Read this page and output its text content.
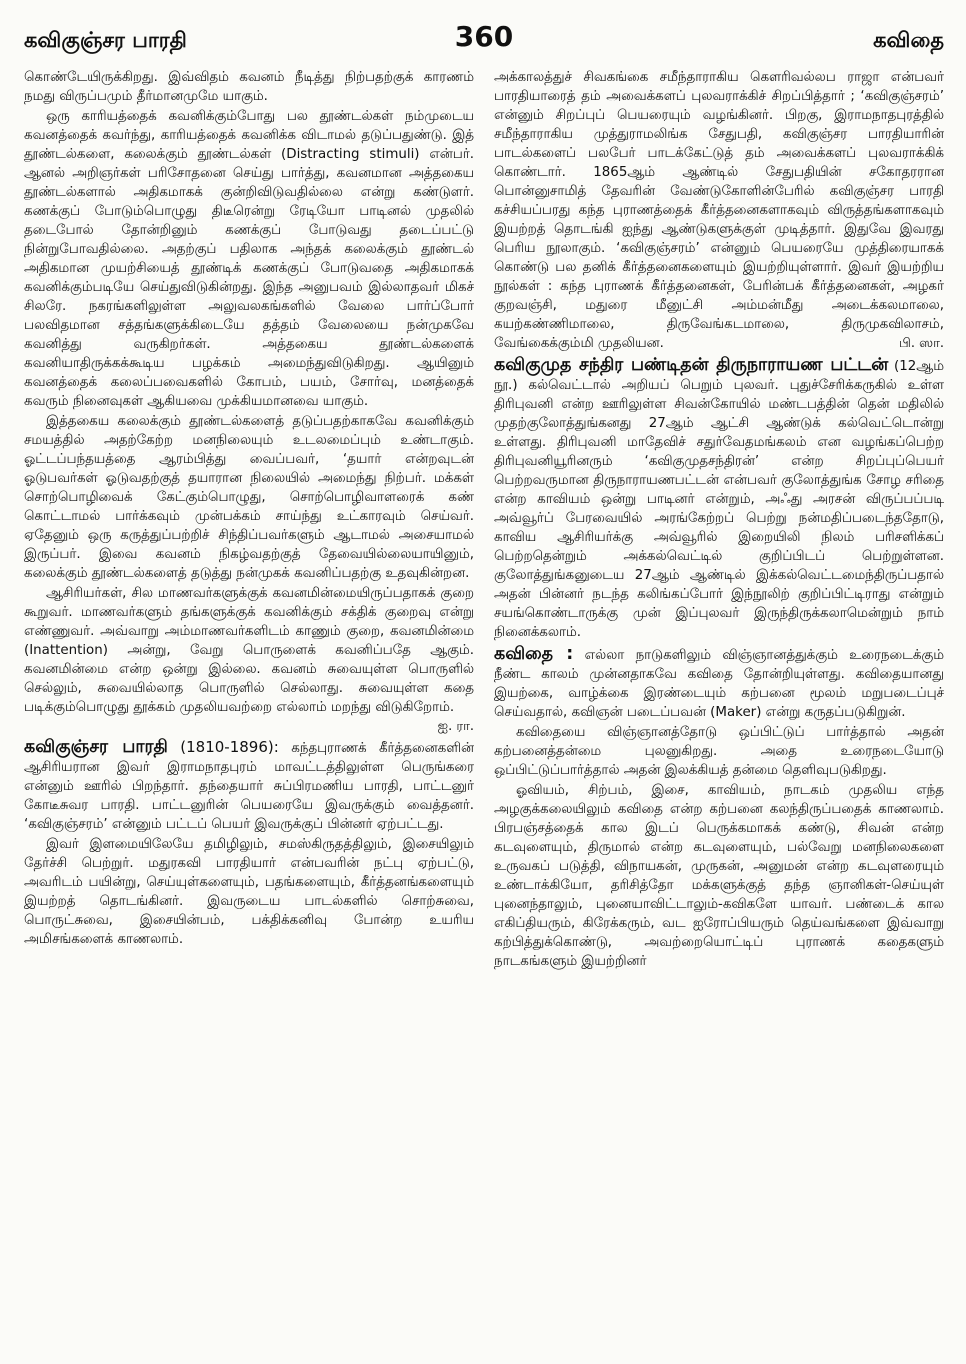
கவிகுஞ்சர பாரதி	360	கவிதை

கொண்டேயிருக்கிறது. இவ்விதம் கவனம் நீடித்து நிற்பதற்குக் காரணம் நமது விருப்பமும் தீர்மானமுமே யாகும்.

ஒரு காரியத்தைக் கவனிக்கும்போது பல தூண்டல்கள் நம்முடைய கவனத்தைக் கவர்ந்து, காரியத்தைக் கவனிக்க விடாமல் தடுப்பதுண்டு. இத் தூண்டல்களை, கலைக்கும் தூண்டல்கள் (Distracting stimuli) என்பர். ஆனல் அறிஞர்கள் பரிசோதனை செய்து பார்த்து, கவனமான அத்தகைய தூண்டல்களால் அதிகமாகக் குன்றிவிடுவதில்லை என்று கண்டுளர். கணக்குப் போடும்பொழுது திடீரென்று ரேடியோ பாடினல் முதலில் தடைபோல் தோன்றினும் கணக்குப் போடுவது தடைப்பட்டு நின்றுபோவதில்லை. அதற்குப் பதிலாக அந்தக் கலைக்கும் தூண்டல் அதிகமான முயற்சியைத் தூண்டிக் கணக்குப் போடுவதை அதிகமாகக் கவனிக்கும்படியே செய்துவிடுகின்றது. இந்த அனுபவம் இல்லாதவர் மிகச் சிலரே. நகரங்களிலுள்ள அலுவலகங்களில் வேலை பார்ப்போர் பலவிதமான சத்தங்களுக்கிடையே தத்தம் வேலையை நன்முகவே கவனித்து வருகிறர்கள். அத்தகைய தூண்டல்களைக் கவனியாதிருக்கக்கூடிய பழக்கம் அமைந்துவிடுகிறது. ஆயினும் கவனத்தைக் கலைப்பவைகளில் கோபம், பயம், சோர்வு, மனத்தைக் கவரும் நினைவுகள் ஆகியவை முக்கியமானவை யாகும்.

இத்தகைய கலைக்கும் தூண்டல்களைத் தடுப்பதற்காகவே கவனிக்கும் சமயத்தில் அதற்கேற்ற மனநிலையும் உடலமைப்பும் உண்டாகும். ஓட்டப்பந்தயத்தை ஆரம்பித்து வைப்பவர், ‘தயார் என்றவுடன் ஓடுபவர்கள் ஓடுவதற்குத் தயாரான நிலையில் அமைந்து நிற்பர். மக்கள் சொற்பொழிவைக் கேட்கும்பொழுது, சொற்பொழிவாளரைக் கண் கொட்டாமல் பார்க்கவும் முன்பக்கம் சாய்ந்து உட்காரவும் செய்வர். ஏதேனும் ஒரு கருத்துப்பற்றிச் சிந்திப்பவர்களும் ஆடாமல் அசையாமல் இருப்பர். இவை கவனம் நிகழ்வதற்குத் தேவையில்லையாயினும், கலைக்கும் தூண்டல்களைத் தடுத்து நன்முகக் கவனிப்பதற்கு உதவுகின்றன.

ஆசிரியர்கள், சில மாணவர்களுக்குக் கவனமின்மையிருப்பதாகக் குறை கூறுவர். மாணவர்களும் தங்களுக்குக் கவனிக்கும் சக்திக் குறைவு என்று எண்ணுவர். அவ்வாறு அம்மாணவர்களிடம் காணும் குறை, கவனமின்மை (Inattention) அன்று, வேறு பொருளைக் கவனிப்பதே ஆகும். கவனமின்மை என்ற ஒன்று இல்லை. கவனம் சுவையுள்ள பொருளில் செல்லும், சுவையில்லாத பொருளில் செல்லாது. சுவையுள்ள கதை படிக்கும்பொழுது தூக்கம் முதலியவற்றை எல்லாம் மறந்து விடுகிறோம்.
ஐ. ரா.

கவிகுஞ்சர பாரதி (1810-1896): கந்தபுராணக் கீர்த்தனைகளின் ஆசிரியரான இவர் இராமநாதபுரம் மாவட்டத்திலுள்ள பெருங்கரை என்னும் ஊரில் பிறந்தார். தந்தையார் சுப்பிரமணிய பாரதி, பாட்டனுர் கோடீசுவர பாரதி. பாட்டனுரின் பெயரையே இவருக்கும் வைத்தனர். ‘கவிகுஞ்சரம்’ என்னும் பட்டப் பெயர் இவருக்குப் பின்னர் ஏற்பட்டது.

இவர் இளமையிலேயே தமிழிலும், சமஸ்கிருதத்திலும், இசையிலும் தேர்ச்சி பெற்றுர். மதுரகவி பாரதியார் என்பவரின் நட்பு ஏற்பட்டு, அவரிடம் பயின்று, செய்யுள்களையும், பதங்களையும், கீர்த்தனங்களையும் இயற்றத் தொடங்கினர். இவருடைய பாடல்களில் சொற்சுவை, பொருட்சுவை, இசையின்பம், பக்திக்கனிவு போன்ற உயரிய அமிசங்களைக் காணலாம்.

அக்காலத்துச் சிவகங்கை சமீந்தாராகிய கௌரிவல்லப ராஜா என்பவர் பாரதியாரைத் தம் அவைக்களப் புலவராக்கிச் சிறப்பித்தார் ; ‘கவிகுஞ்சரம்’ என்னும் சிறப்புப் பெயரையும் வழங்கினர். பிறகு, இராமநாதபுரத்தில் சமீந்தாராகிய முத்துராமலிங்க சேதுபதி, கவிகுஞ்சர பாரதியாரின் பாடல்களைப் பலபேர் பாடக்கேட்டுத் தம் அவைக்களப் புலவராக்கிக் கொண்டார். 1865ஆம் ஆண்டில் சேதுபதியின் சகோதரரான பொன்னுசாமித் தேவரின் வேண்டுகோளின்பேரில் கவிகுஞ்சர பாரதி கச்சியப்பரது கந்த புராணத்தைக் கீர்த்தனைகளாகவும் விருத்தங்களாகவும் இயற்றத் தொடங்கி ஐந்து ஆண்டுகளுக்குள் முடித்தார். இதுவே இவரது பெரிய நூலாகும். ‘கவிகுஞ்சரம்’ என்னும் பெயரையே முத்திரையாகக் கொண்டு பல தனிக் கீர்த்தனைகளையும் இயற்றியுள்ளார். இவர் இயற்றிய நூல்கள் : கந்த புராணக் கீர்த்தனைகள், பேரின்பக் கீர்த்தனைகள், அழகர் குறவஞ்சி, மதுரை மீனுட்சி அம்மன்மீது அடைக்கலமாலை, கயற்கண்ணிமாலை, திருவேங்கடமாலை, திருமுகவிலாசம், வேங்கைக்கும்மி முதலியன.	பி. ஸா.

கவிகுமுத சந்திர பண்டிதன் திருநாராயண பட்டன் (12ஆம் நூ.) கல்வெட்டால் அறியப் பெறும் புலவர். புதுச்சேரிக்கருகில் உள்ள திரிபுவனி என்ற ஊரிலுள்ள சிவன்கோயில் மண்டபத்தின் தென் மதிலில் முதற்குலோத்துங்கனது 27ஆம் ஆட்சி ஆண்டுக் கல்வெட்டொன்று உள்ளது. திரிபுவனி மாதேவிச் சதுர்வேதமங்கலம் என வழங்கப்பெற்ற திரிபுவனியூரினரும் ‘கவிகுமுதசந்திரன்’ என்ற சிறப்புப்பெயர் பெற்றவருமான திருநாராயணபட்டன் என்பவர் குலோத்துங்க சோழ சரிதை என்ற காவியம் ஒன்று பாடினர் என்றும், அஃது அரசன் விருப்பப்படி அவ்வூர்ப் பேரவையில் அரங்கேற்றப் பெற்று நன்மதிப்படைந்ததோடு, காவிய ஆசிரியர்க்கு அவ்வூரில் இறையிலி நிலம் பரிசளிக்கப் பெற்றதென்றும் அக்கல்வெட்டில் குறிப்பிடப் பெற்றுள்ளன. குலோத்துங்கனுடைய 27ஆம் ஆண்டில் இக்கல்வெட்டமைந்திருப்பதால் அதன் பின்னர் நடந்த கலிங்கப்போர் இந்நூலிற் குறிப்பிட்டிராது என்றும் சயங்கொண்டாருக்கு முன் இப்புலவர் இருந்திருக்கலாமென்றும் நாம் நினைக்கலாம்.

கவிதை : எல்லா நாடுகளிலும் விஞ்ஞானத்துக்கும் உரைநடைக்கும் நீண்ட காலம் முன்னதாகவே கவிதை தோன்றியுள்ளது. கவிதையானது இயற்கை, வாழ்க்கை இரண்டையும் கற்பனை மூலம் மறுபடைப்புச் செய்வதால், கவிஞன் படைப்பவன் (Maker) என்று கருதப்படுகிறுன்.

கவிதையை விஞ்ஞானத்தோடு ஒப்பிட்டுப் பார்த்தால் அதன் கற்பனைத்தன்மை புலனுகிறது. அதை உரைநடையோடு ஒப்பிட்டுப்பார்த்தால் அதன் இலக்கியத் தன்மை தெளிவுபடுகிறது.

ஓவியம், சிற்பம், இசை, காவியம், நாடகம் முதலிய எந்த அழகுக்கலையிலும் கவிதை என்ற கற்பனை கலந்திருப்பதைக் காணலாம். பிரபஞ்சத்தைக் கால இடப் பெருக்கமாகக் கண்டு, சிவன் என்ற கடவுளையும், திருமால் என்ற கடவுளையும், பல்வேறு மனநிலைகளை உருவகப் படுத்தி, விநாயகன், முருகன், அனுமன் என்ற கடவுளரையும் உண்டாக்கியோ, தரிசித்தோ மக்களுக்குத் தந்த ஞானிகள்-செய்யுள் புனைந்தாலும், புனையாவிட்டாலும்-கவிகளே யாவர். பண்டைக் கால எகிப்தியரும், கிரேக்கரும், வட ஐரோப்பியரும் தெய்வங்களை இவ்வாறு கற்பித்துக்கொண்டு, அவற்றையொட்டிப் புராணக் கதைகளும் நாடகங்களும் இயற்றினர்
